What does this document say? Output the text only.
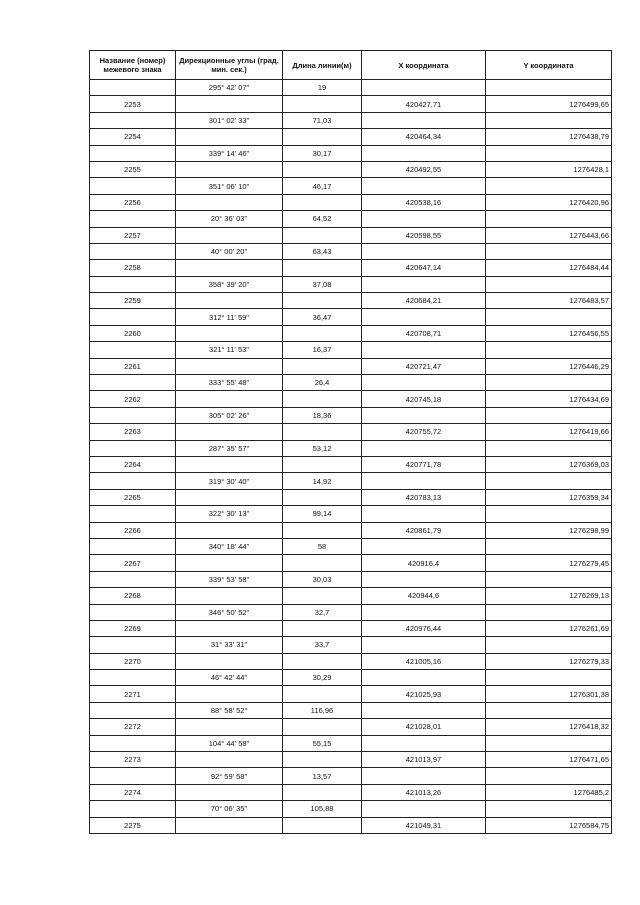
Название (номер) межевого знака	Дирекционные углы (град. мин. сек.)	Длина линии(м)	X координата	Y координата
	295° 42' 07"	19		
2253			420427,71	1276499,65
	301° 02' 33"	71,03		
2254			420464,34	1276438,79
	339° 14' 46"	30,17		
2255			420492,55	1276428,1
	351° 06' 10"	46,17		
2256			420538,16	1276420,96
	20° 36' 03"	64,52		
2257			420598,55	1276443,66
	40° 00' 20"	63,43		
2258			420647,14	1276484,44
	358° 39' 20"	37,08		
2259			420684,21	1276483,57
	312° 11' 59"	36,47		
2260			420708,71	1276456,55
	321° 11' 53"	16,37		
2261			420721,47	1276446,29
	333° 55' 48"	26,4		
2262			420745,18	1276434,69
	305° 02' 26"	18,36		
2263			420755,72	1276419,66
	287° 35' 57"	53,12		
2264			420771,78	1276369,03
	319° 30' 40"	14,92		
2265			420783,13	1276359,34
	322° 30' 13"	99,14		
2266			420861,79	1276298,99
	340° 18' 44"	58		
2267			420916,4	1276279,45
	339° 53' 58"	30,03		
2268			420944,6	1276269,13
	346° 50' 52"	32,7		
2269			420976,44	1276261,69
	31° 33' 31"	33,7		
2270			421005,16	1276279,33
	46° 42' 44"	30,29		
2271			421025,93	1276301,38
	88° 58' 52"	116,96		
2272			421028,01	1276418,32
	104° 44' 58"	55,15		
2273			421013,97	1276471,65
	92° 59' 58"	13,57		
2274			421013,26	1276485,2
	70° 06' 35"	105,88		
2275			421049,31	1276584,75
